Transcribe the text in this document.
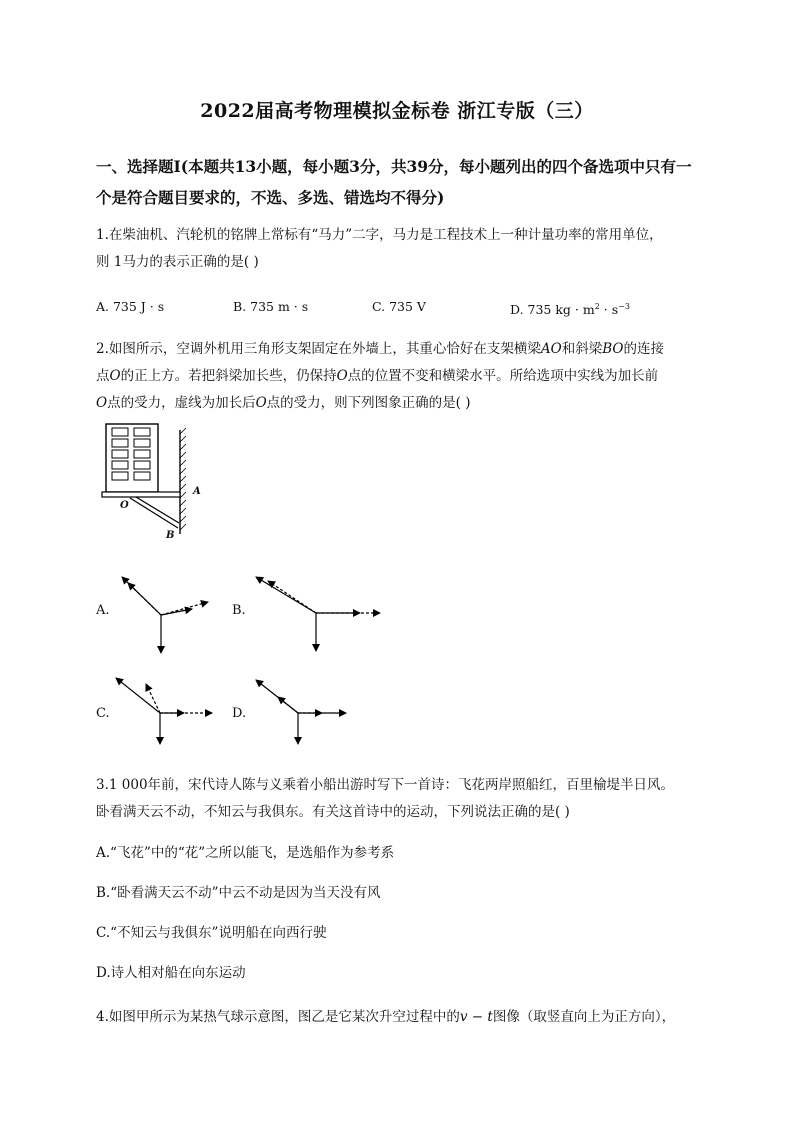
2022届高考物理模拟金标卷 浙江专版（三）
一、选择题Ⅰ(本题共13小题，每小题3分，共39分，每小题列出的四个备选项中只有一个是符合题目要求的，不选、多选、错选均不得分)
1.在柴油机、汽轮机的铭牌上常标有“马力”二字，马力是工程技术上一种计量功率的常用单位，
则 1马力的表示正确的是( )
A. 735 J · s	B. 735 m · s	C. 735 V	D. 735 kg · $m^2 \cdot s^{-3}$
2.如图所示，空调外机用三角形支架固定在外墙上，其重心恰好在支架横梁AO和斜梁BO的连接
点O的正上方。若把斜梁加长些，仍保持O点的位置不变和横梁水平。所给选项中实线为加长前
O点的受力，虚线为加长后O点的受力，则下列图象正确的是( )
A
O
B
A.	B.
C.	D.
3.1 000年前，宋代诗人陈与义乘着小船出游时写下一首诗：飞花两岸照船红，百里榆堤半日风。
卧看满天云不动，不知云与我俱东。有关这首诗中的运动，下列说法正确的是( )
A.“飞花”中的“花”之所以能飞，是选船作为参考系
B.“卧看满天云不动”中云不动是因为当天没有风
C.“不知云与我俱东”说明船在向西行驶
D.诗人相对船在向东运动
4.如图甲所示为某热气球示意图，图乙是它某次升空过程中的v − t图像（取竖直向上为正方向），
